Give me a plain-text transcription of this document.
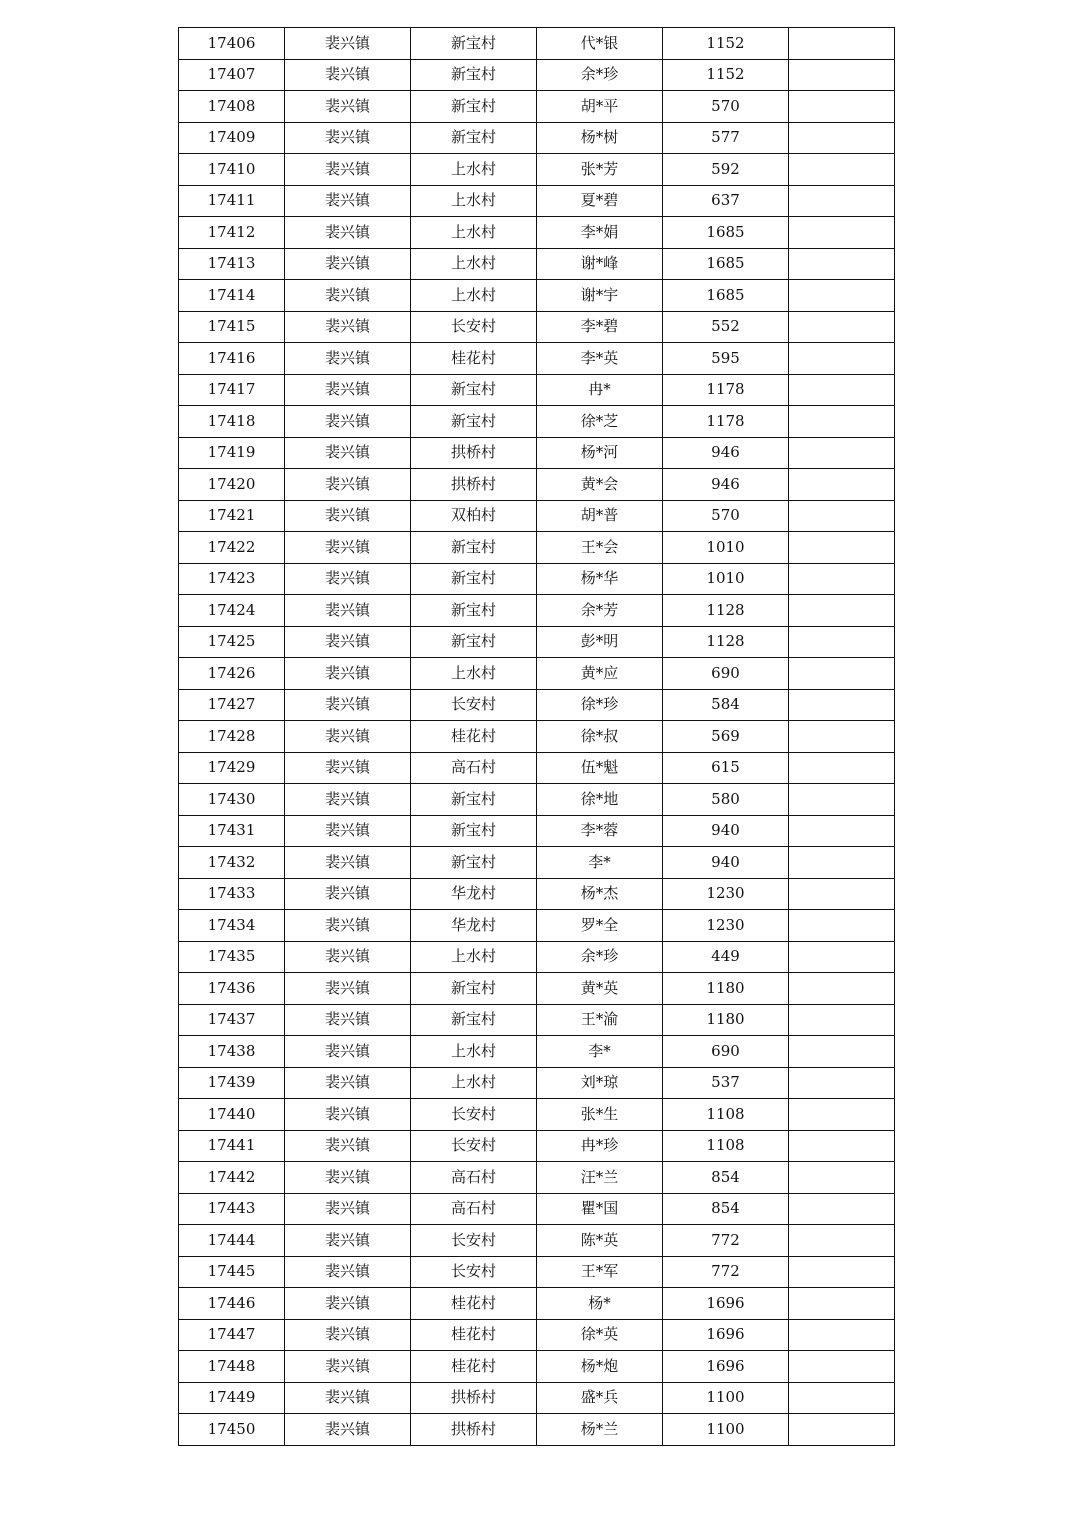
17406	裴兴镇	新宝村	代*银	1152	
17407	裴兴镇	新宝村	余*珍	1152	
17408	裴兴镇	新宝村	胡*平	570	
17409	裴兴镇	新宝村	杨*树	577	
17410	裴兴镇	上水村	张*芳	592	
17411	裴兴镇	上水村	夏*碧	637	
17412	裴兴镇	上水村	李*娟	1685	
17413	裴兴镇	上水村	谢*峰	1685	
17414	裴兴镇	上水村	谢*宇	1685	
17415	裴兴镇	长安村	李*碧	552	
17416	裴兴镇	桂花村	李*英	595	
17417	裴兴镇	新宝村	冉*	1178	
17418	裴兴镇	新宝村	徐*芝	1178	
17419	裴兴镇	拱桥村	杨*河	946	
17420	裴兴镇	拱桥村	黄*会	946	
17421	裴兴镇	双柏村	胡*普	570	
17422	裴兴镇	新宝村	王*会	1010	
17423	裴兴镇	新宝村	杨*华	1010	
17424	裴兴镇	新宝村	余*芳	1128	
17425	裴兴镇	新宝村	彭*明	1128	
17426	裴兴镇	上水村	黄*应	690	
17427	裴兴镇	长安村	徐*珍	584	
17428	裴兴镇	桂花村	徐*叔	569	
17429	裴兴镇	高石村	伍*魁	615	
17430	裴兴镇	新宝村	徐*地	580	
17431	裴兴镇	新宝村	李*蓉	940	
17432	裴兴镇	新宝村	李*	940	
17433	裴兴镇	华龙村	杨*杰	1230	
17434	裴兴镇	华龙村	罗*全	1230	
17435	裴兴镇	上水村	余*珍	449	
17436	裴兴镇	新宝村	黄*英	1180	
17437	裴兴镇	新宝村	王*渝	1180	
17438	裴兴镇	上水村	李*	690	
17439	裴兴镇	上水村	刘*琼	537	
17440	裴兴镇	长安村	张*生	1108	
17441	裴兴镇	长安村	冉*珍	1108	
17442	裴兴镇	高石村	汪*兰	854	
17443	裴兴镇	高石村	瞿*国	854	
17444	裴兴镇	长安村	陈*英	772	
17445	裴兴镇	长安村	王*军	772	
17446	裴兴镇	桂花村	杨*	1696	
17447	裴兴镇	桂花村	徐*英	1696	
17448	裴兴镇	桂花村	杨*炮	1696	
17449	裴兴镇	拱桥村	盛*兵	1100	
17450	裴兴镇	拱桥村	杨*兰	1100	
